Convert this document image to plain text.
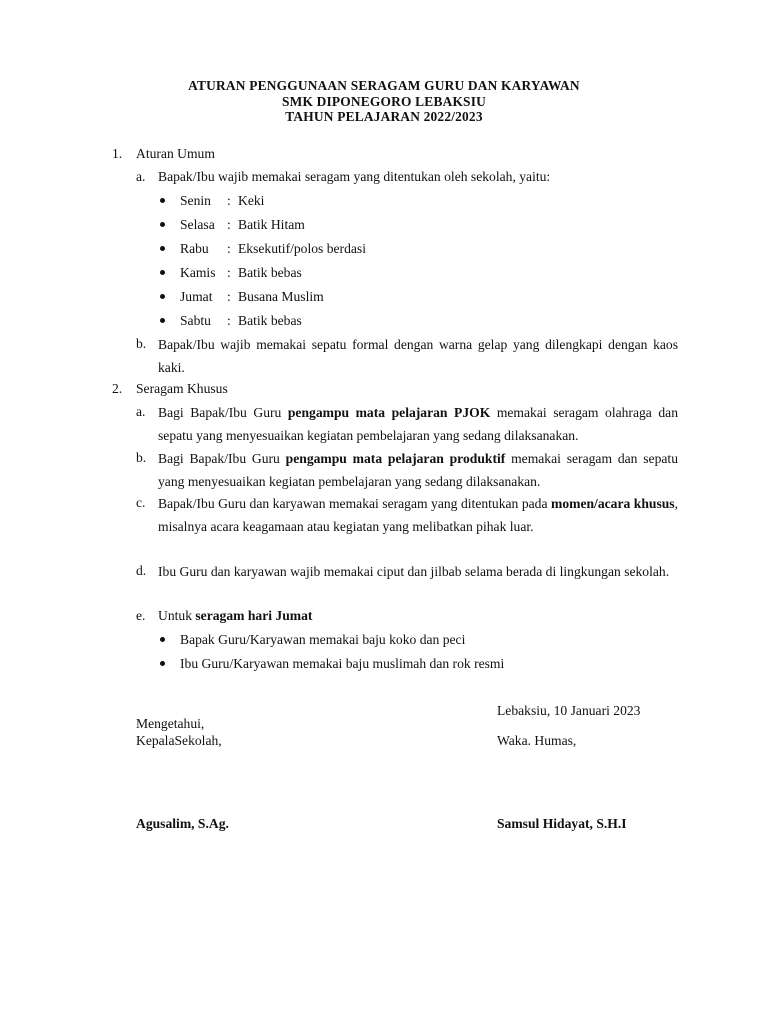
ATURAN PENGGUNAAN SERAGAM GURU DAN KARYAWAN
SMK DIPONEGORO LEBAKSIU
TAHUN PELAJARAN 2022/2023
1. Aturan Umum
a. Bapak/Ibu wajib memakai seragam yang ditentukan oleh sekolah, yaitu:
Senin : Keki
Selasa : Batik Hitam
Rabu : Eksekutif/polos berdasi
Kamis : Batik bebas
Jumat : Busana Muslim
Sabtu : Batik bebas
b. Bapak/Ibu wajib memakai sepatu formal dengan warna gelap yang dilengkapi dengan kaos kaki.
2. Seragam Khusus
a. Bagi Bapak/Ibu Guru pengampu mata pelajaran PJOK memakai seragam olahraga dan sepatu yang menyesuaikan kegiatan pembelajaran yang sedang dilaksanakan.
b. Bagi Bapak/Ibu Guru pengampu mata pelajaran produktif memakai seragam dan sepatu yang menyesuaikan kegiatan pembelajaran yang sedang dilaksanakan.
c. Bapak/Ibu Guru dan karyawan memakai seragam yang ditentukan pada momen/acara khusus, misalnya acara keagamaan atau kegiatan yang melibatkan pihak luar.
d. Ibu Guru dan karyawan wajib memakai ciput dan jilbab selama berada di lingkungan sekolah.
e. Untuk seragam hari Jumat
Bapak Guru/Karyawan memakai baju koko dan peci
Ibu Guru/Karyawan memakai baju muslimah dan rok resmi
Lebaksiu, 10 Januari 2023
Mengetahui,
KepalaSekolah,	Waka. Humas,
Agusalim, S.Ag.	Samsul Hidayat, S.H.I
